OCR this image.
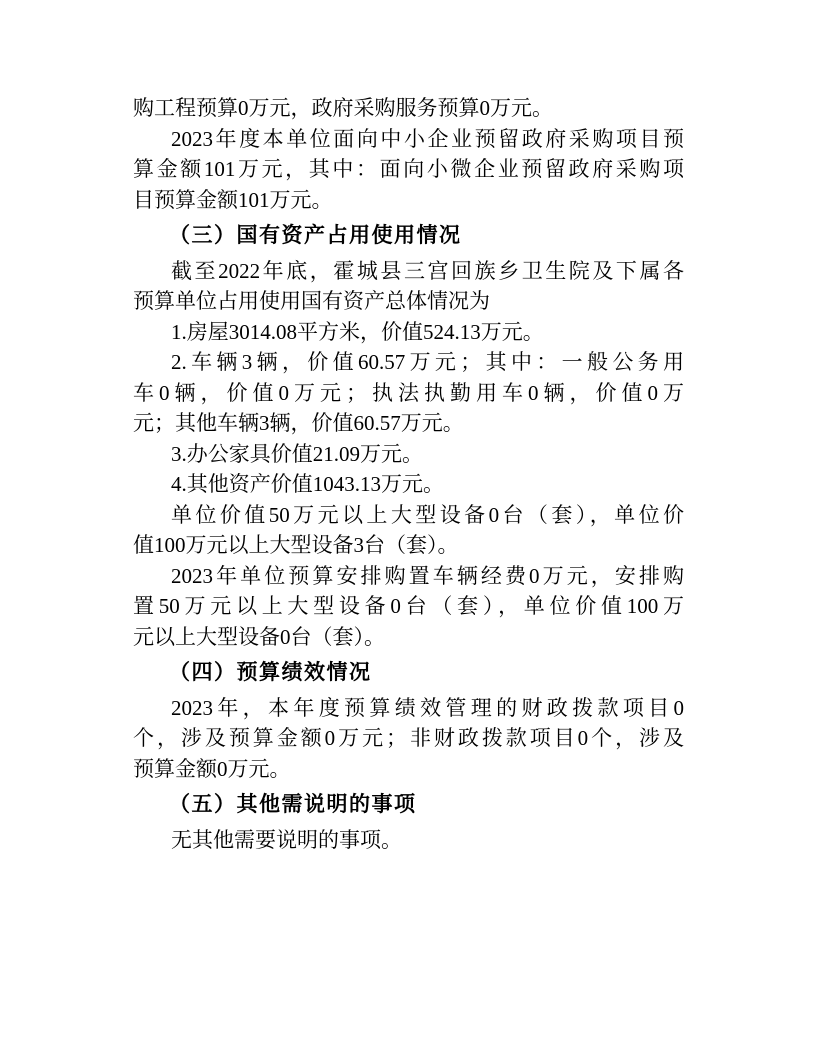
购工程预算0万元，政府采购服务预算0万元。
2023年度本单位面向中小企业预留政府采购项目预
算金额101万元，其中：面向小微企业预留政府采购项
目预算金额101万元。
（三）国有资产占用使用情况
截至2022年底，霍城县三宫回族乡卫生院及下属各
预算单位占用使用国有资产总体情况为
1.房屋3014.08平方米，价值524.13万元。
2.车辆3辆，价值60.57万元；其中：一般公务用
车0辆，价值0万元；执法执勤用车0辆，价值0万
元；其他车辆3辆，价值60.57万元。
3.办公家具价值21.09万元。
4.其他资产价值1043.13万元。
单位价值50万元以上大型设备0台（套），单位价
值100万元以上大型设备3台（套）。
2023年单位预算安排购置车辆经费0万元，安排购
置50万元以上大型设备0台（套），单位价值100万
元以上大型设备0台（套）。
（四）预算绩效情况
2023年，本年度预算绩效管理的财政拨款项目0
个，涉及预算金额0万元；非财政拨款项目0个，涉及
预算金额0万元。
（五）其他需说明的事项
无其他需要说明的事项。
